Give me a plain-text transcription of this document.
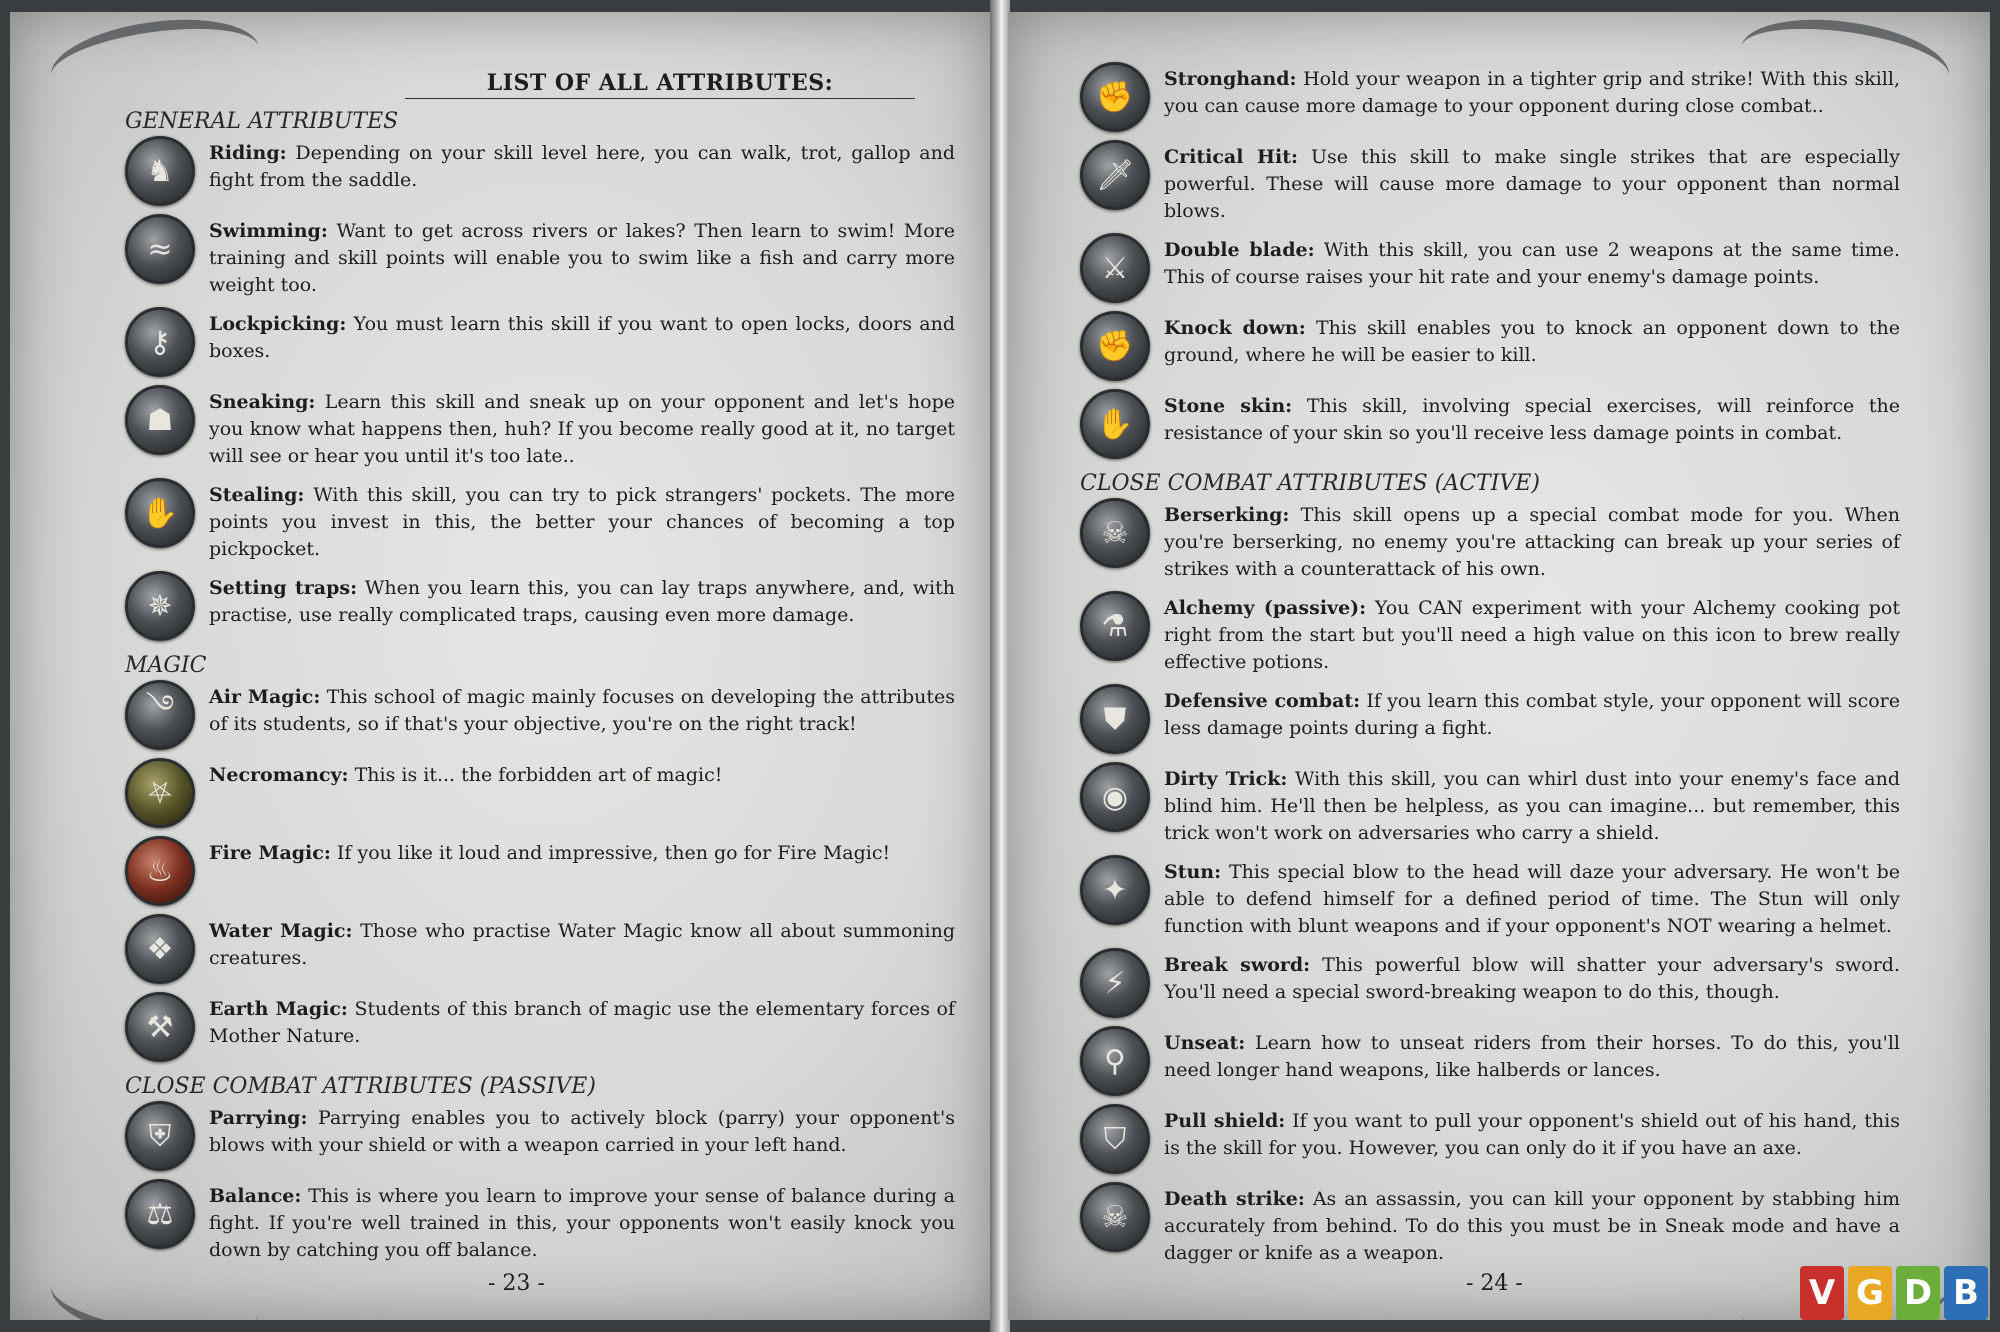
- 23 -	- 24 -
LIST OF ALL ATTRIBUTES:
GENERAL ATTRIBUTES
♞
Riding: Depending on your skill level here, you can walk, trot, gallop and fight from the saddle.
≈
Swimming: Want to get across rivers or lakes? Then learn to swim! More training and skill points will enable you to swim like a fish and carry more weight too.
⚷
Lockpicking: You must learn this skill if you want to open locks, doors and boxes.
☗
Sneaking: Learn this skill and sneak up on your opponent and let's hope you know what happens then, huh? If you become really good at it, no target will see or hear you until it's too late..
✋
Stealing: With this skill, you can try to pick strangers' pockets. The more points you invest in this, the better your chances of becoming a top pickpocket.
✵
Setting traps: When you learn this, you can lay traps anywhere, and, with practise, use really complicated traps, causing even more damage.
MAGIC
࿓	Air Magic: This school of magic mainly focuses on developing the attributes of its students, so if that's your objective, you're on the right track!
⛧
Necromancy: This is it... the forbidden art of magic!
♨
Fire Magic: If you like it loud and impressive, then go for Fire Magic!
❖
Water Magic: Those who practise Water Magic know all about summoning creatures.
⚒
Earth Magic: Students of this branch of magic use the elementary forces of Mother Nature.
CLOSE COMBAT ATTRIBUTES (PASSIVE)
⛨
Parrying: Parrying enables you to actively block (parry) your opponent's blows with your shield or with a weapon carried in your left hand.
⚖
Balance: This is where you learn to improve your sense of balance during a fight. If you're well trained in this, your opponents won't easily knock you down by catching you off balance.
✊
Stronghand: Hold your weapon in a tighter grip and strike! With this skill, you can cause more damage to your opponent during close combat..
🗡
Critical Hit: Use this skill to make single strikes that are especially powerful. These will cause more damage to your opponent than normal blows.
⚔
Double blade: With this skill, you can use 2 weapons at the same time. This of course raises your hit rate and your enemy's damage points.
✊
Knock down: This skill enables you to knock an opponent down to the ground, where he will be easier to kill.
✋
Stone skin: This skill, involving special exercises, will reinforce the resistance of your skin so you'll receive less damage points in combat.
CLOSE COMBAT ATTRIBUTES (ACTIVE)
☠
Berserking: This skill opens up a special combat mode for you. When you're berserking, no enemy you're attacking can break up your series of strikes with a counterattack of his own.
⚗
Alchemy (passive): You CAN experiment with your Alchemy cooking pot right from the start but you'll need a high value on this icon to brew really effective potions.
⛊
Defensive combat: If you learn this combat style, your opponent will score less damage points during a fight.
◉
Dirty Trick: With this skill, you can whirl dust into your enemy's face and blind him. He'll then be helpless, as you can imagine... but remember, this trick won't work on adversaries who carry a shield.
✦
Stun: This special blow to the head will daze your adversary. He won't be able to defend himself for a defined period of time. The Stun will only function with blunt weapons and if your opponent's NOT wearing a helmet.
⚡
Break sword: This powerful blow will shatter your adversary's sword. You'll need a special sword-breaking weapon to do this, though.
⚲
Unseat: Learn how to unseat riders from their horses. To do this, you'll need longer hand weapons, like halberds or lances.
⛉
Pull shield: If you want to pull your opponent's shield out of his hand, this is the skill for you. However, you can only do it if you have an axe.
☠
Death strike: As an assassin, you can kill your opponent by stabbing him accurately from behind. To do this you must be in Sneak mode and have a dagger or knife as a weapon.
V G D B
